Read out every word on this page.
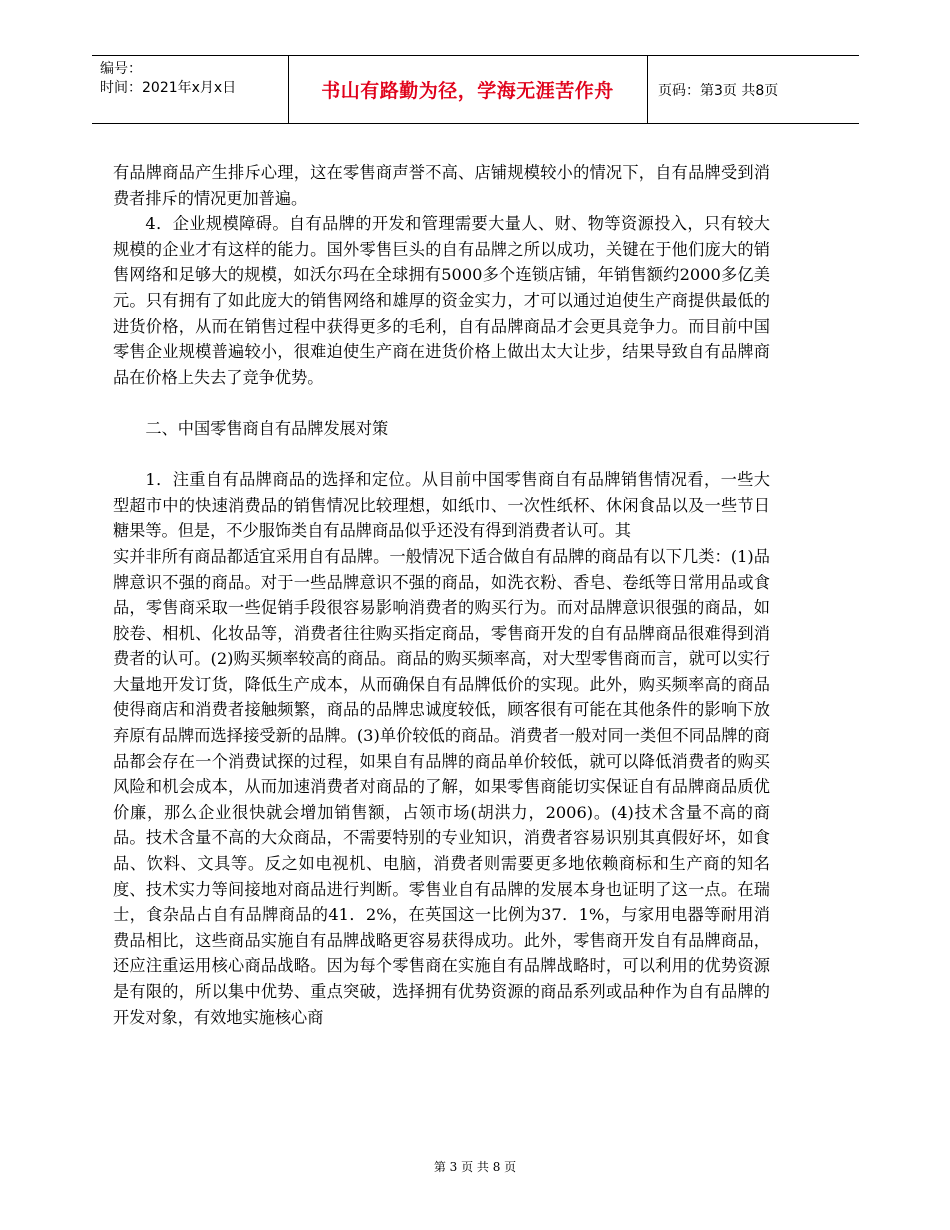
编号：
时间：2021年x月x日	书山有路勤为径，学海无涯苦作舟	页码：第3页 共8页

有品牌商品产生排斥心理，这在零售商声誉不高、店铺规模较小的情况下，自有品牌受到消费者排斥的情况更加普遍。

4．企业规模障碍。自有品牌的开发和管理需要大量人、财、物等资源投入，只有较大规模的企业才有这样的能力。国外零售巨头的自有品牌之所以成功，关键在于他们庞大的销售网络和足够大的规模，如沃尔玛在全球拥有5000多个连锁店铺，年销售额约2000多亿美元。只有拥有了如此庞大的销售网络和雄厚的资金实力，才可以通过迫使生产商提供最低的进货价格，从而在销售过程中获得更多的毛利，自有品牌商品才会更具竞争力。而目前中国零售企业规模普遍较小，很难迫使生产商在进货价格上做出太大让步，结果导致自有品牌商品在价格上失去了竞争优势。

二、中国零售商自有品牌发展对策

1．注重自有品牌商品的选择和定位。从目前中国零售商自有品牌销售情况看，一些大型超市中的快速消费品的销售情况比较理想，如纸巾、一次性纸杯、休闲食品以及一些节日糖果等。但是，不少服饰类自有品牌商品似乎还没有得到消费者认可。其

实并非所有商品都适宜采用自有品牌。一般情况下适合做自有品牌的商品有以下几类：(1)品牌意识不强的商品。对于一些品牌意识不强的商品，如洗衣粉、香皂、卷纸等日常用品或食品，零售商采取一些促销手段很容易影响消费者的购买行为。而对品牌意识很强的商品，如胶卷、相机、化妆品等，消费者往往购买指定商品，零售商开发的自有品牌商品很难得到消费者的认可。(2)购买频率较高的商品。商品的购买频率高，对大型零售商而言，就可以实行大量地开发订货，降低生产成本，从而确保自有品牌低价的实现。此外，购买频率高的商品使得商店和消费者接触频繁，商品的品牌忠诚度较低，顾客很有可能在其他条件的影响下放弃原有品牌而选择接受新的品牌。(3)单价较低的商品。消费者一般对同一类但不同品牌的商品都会存在一个消费试探的过程，如果自有品牌的商品单价较低，就可以降低消费者的购买风险和机会成本，从而加速消费者对商品的了解，如果零售商能切实保证自有品牌商品质优价廉，那么企业很快就会增加销售额，占领市场(胡洪力，2006)。(4)技术含量不高的商品。技术含量不高的大众商品，不需要特别的专业知识，消费者容易识别其真假好坏，如食品、饮料、文具等。反之如电视机、电脑，消费者则需要更多地依赖商标和生产商的知名度、技术实力等间接地对商品进行判断。零售业自有品牌的发展本身也证明了这一点。在瑞士，食杂品占自有品牌商品的41．2%，在英国这一比例为37．1%，与家用电器等耐用消费品相比，这些商品实施自有品牌战略更容易获得成功。此外，零售商开发自有品牌商品，还应注重运用核心商品战略。因为每个零售商在实施自有品牌战略时，可以利用的优势资源是有限的，所以集中优势、重点突破，选择拥有优势资源的商品系列或品种作为自有品牌的开发对象，有效地实施核心商

第 3 页 共 8 页
